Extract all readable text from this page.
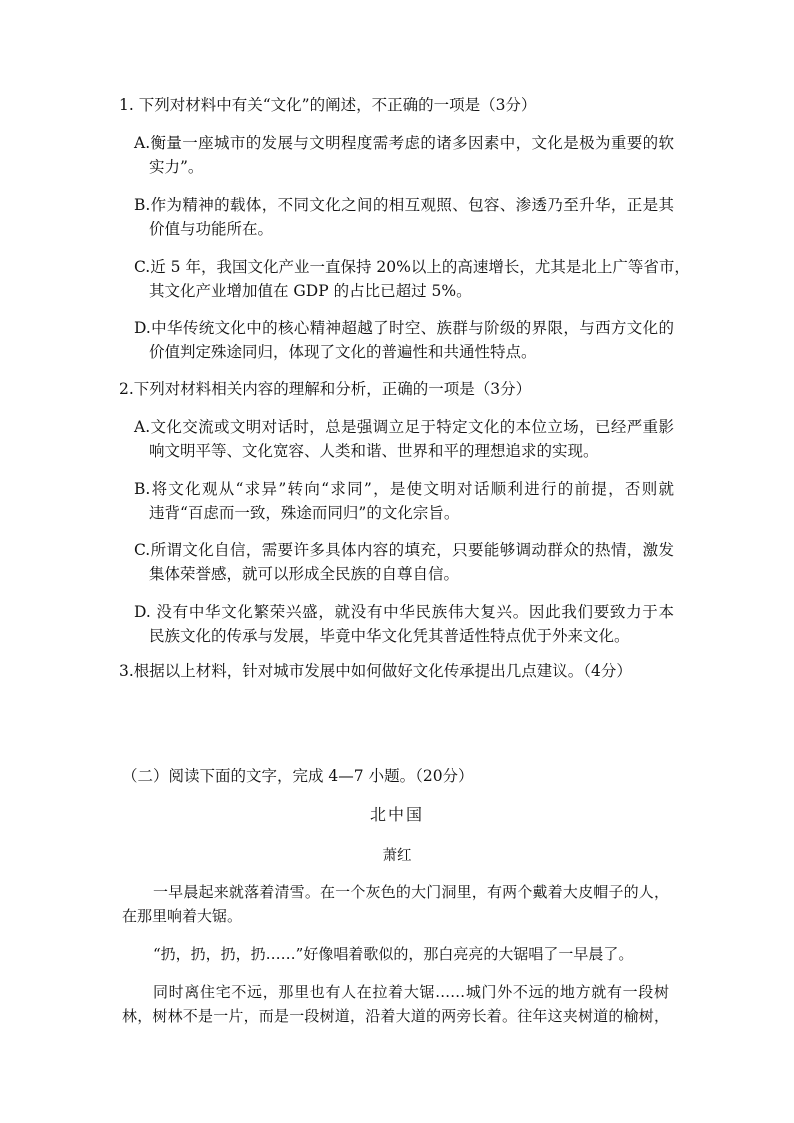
1. 下列对材料中有关“文化”的阐述，不正确的一项是（3分）
A.衡量一座城市的发展与文明程度需考虑的诸多因素中，文化是极为重要的软
实力”。
B.作为精神的载体，不同文化之间的相互观照、包容、渗透乃至升华，正是其
价值与功能所在。
C.近 5 年，我国文化产业一直保持 20%以上的高速增长，尤其是北上广等省市，
其文化产业增加值在 GDP 的占比已超过 5%。
D.中华传统文化中的核心精神超越了时空、族群与阶级的界限，与西方文化的
价值判定殊途同归，体现了文化的普遍性和共通性特点。
2.下列对材料相关内容的理解和分析，正确的一项是（3分）
A.文化交流或文明对话时，总是强调立足于特定文化的本位立场，已经严重影
响文明平等、文化宽容、人类和谐、世界和平的理想追求的实现。
B.将文化观从“求异”转向“求同”，是使文明对话顺利进行的前提，否则就
违背“百虑而一致，殊途而同归”的文化宗旨。
C.所谓文化自信，需要许多具体内容的填充，只要能够调动群众的热情，激发
集体荣誉感，就可以形成全民族的自尊自信。
D. 没有中华文化繁荣兴盛，就没有中华民族伟大复兴。因此我们要致力于本
民族文化的传承与发展，毕竟中华文化凭其普适性特点优于外来文化。
3.根据以上材料，针对城市发展中如何做好文化传承提出几点建议。（4分）
（二）阅读下面的文字，完成 4—7 小题。（20分）
北中国
萧红
一早晨起来就落着清雪。在一个灰色的大门洞里，有两个戴着大皮帽子的人，
在那里响着大锯。
“扔，扔，扔，扔……”好像唱着歌似的，那白亮亮的大锯唱了一早晨了。
同时离住宅不远，那里也有人在拉着大锯……城门外不远的地方就有一段树
林，树林不是一片，而是一段树道，沿着大道的两旁长着。往年这夹树道的榆树，
